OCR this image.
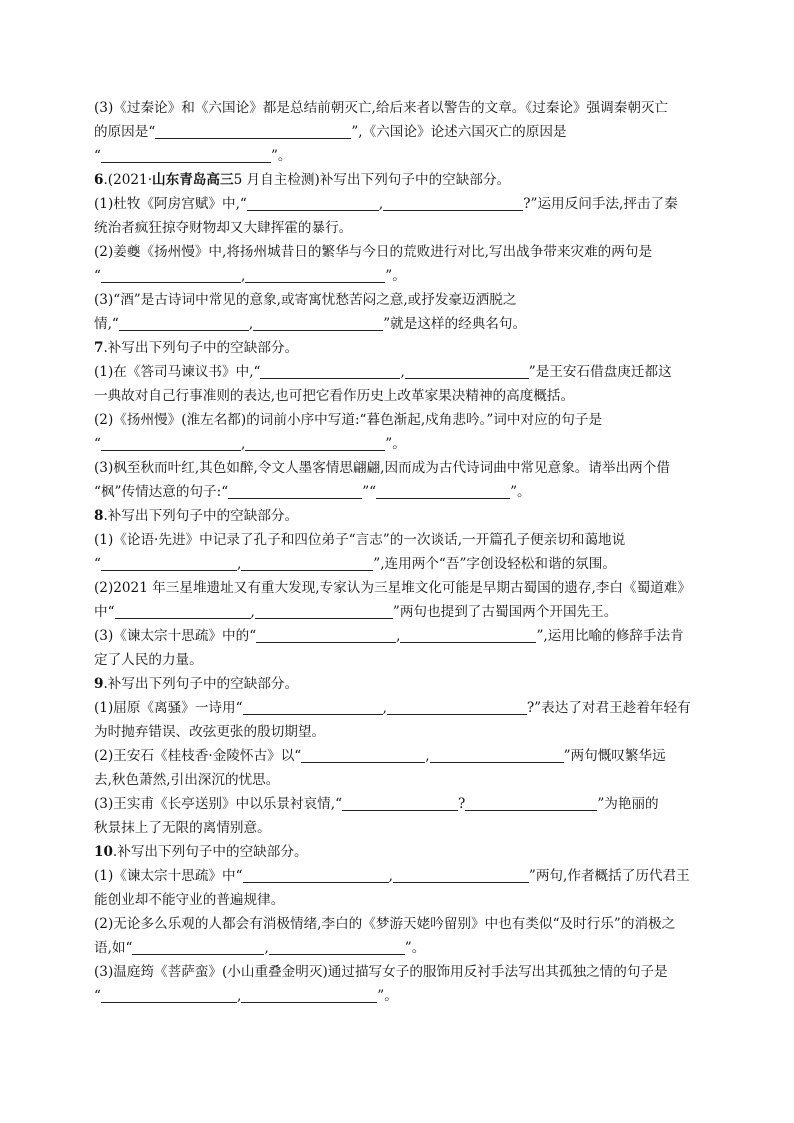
(3)《过秦论》和《六国论》都是总结前朝灭亡,给后来者以警告的文章。《过秦论》强调秦朝灭亡
的原因是“	”,《六国论》论述六国灭亡的原因是
“	”。
6.(2021·山东青岛高三5 月自主检测)补写出下列句子中的空缺部分。
(1)杜牧《阿房宫赋》中,“	,	?”运用反问手法,抨击了秦
统治者疯狂掠夺财物却又大肆挥霍的暴行。
(2)姜夔《扬州慢》中,将扬州城昔日的繁华与今日的荒败进行对比,写出战争带来灾难的两句是
“	,	”。
(3)“酒”是古诗词中常见的意象,或寄寓忧愁苦闷之意,或抒发豪迈洒脱之
情,“	,	”就是这样的经典名句。
7.补写出下列句子中的空缺部分。
(1)在《答司马谏议书》中,“	,	”是王安石借盘庚迁都这
一典故对自己行事准则的表达,也可把它看作历史上改革家果决精神的高度概括。
(2)《扬州慢》(淮左名都)的词前小序中写道:“暮色渐起,戍角悲吟。”词中对应的句子是
“	,	”。
(3)枫至秋而叶红,其色如醉,令文人墨客情思翩翩,因而成为古代诗词曲中常见意象。请举出两个借
“枫”传情达意的句子:“	”“	”。
8.补写出下列句子中的空缺部分。
(1)《论语·先进》中记录了孔子和四位弟子“言志”的一次谈话,一开篇孔子便亲切和蔼地说
“	,	”,连用两个“吾”字创设轻松和谐的氛围。
(2)2021 年三星堆遗址又有重大发现,专家认为三星堆文化可能是早期古蜀国的遗存,李白《蜀道难》
中“	,	”两句也提到了古蜀国两个开国先王。
(3)《谏太宗十思疏》中的“	,	”,运用比喻的修辞手法肯
定了人民的力量。
9.补写出下列句子中的空缺部分。
(1)屈原《离骚》一诗用“	,	?”表达了对君王趁着年轻有
为时抛弃错误、改弦更张的殷切期望。
(2)王安石《桂枝香·金陵怀古》以“	,	”两句慨叹繁华远
去,秋色萧然,引出深沉的忧思。
(3)王实甫《长亭送别》中以乐景衬哀情,“	?	”为艳丽的
秋景抹上了无限的离情别意。
10.补写出下列句子中的空缺部分。
(1)《谏太宗十思疏》中“	,	”两句,作者概括了历代君王
能创业却不能守业的普遍规律。
(2)无论多么乐观的人都会有消极情绪,李白的《梦游天姥吟留别》中也有类似“及时行乐”的消极之
语,如“	,	”。
(3)温庭筠《菩萨蛮》(小山重叠金明灭)通过描写女子的服饰用反衬手法写出其孤独之情的句子是
“	,	”。
